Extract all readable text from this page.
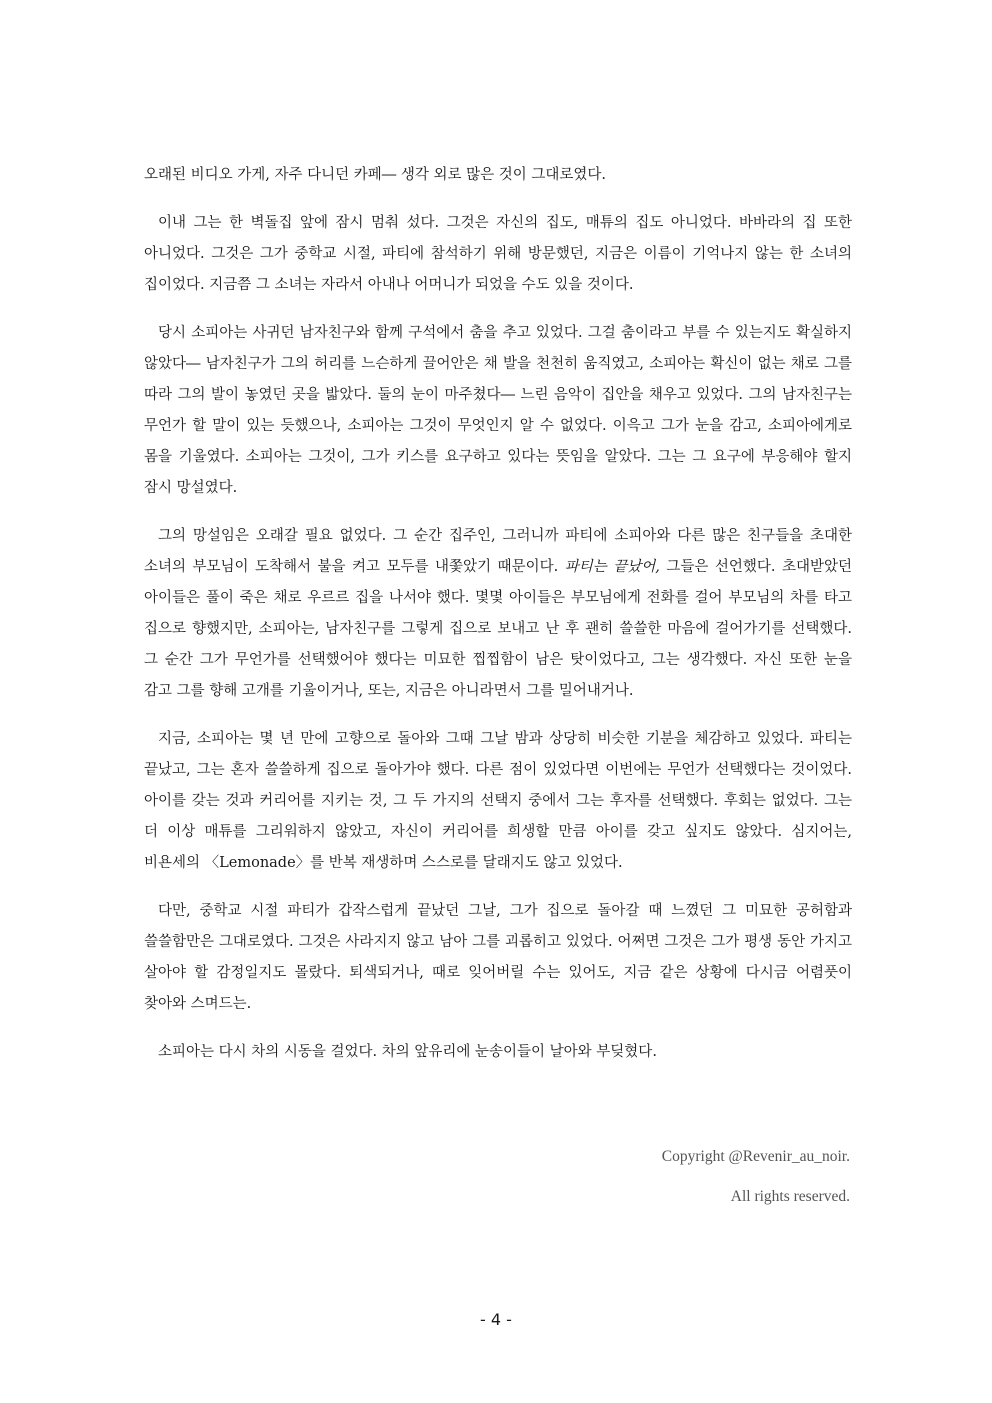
오래된 비디오 가게, 자주 다니던 카페― 생각 외로 많은 것이 그대로였다.

이내 그는 한 벽돌집 앞에 잠시 멈춰 섰다. 그것은 자신의 집도, 매튜의 집도 아니었다. 바바라의 집 또한 아니었다. 그것은 그가 중학교 시절, 파티에 참석하기 위해 방문했던, 지금은 이름이 기억나지 않는 한 소녀의 집이었다. 지금쯤 그 소녀는 자라서 아내나 어머니가 되었을 수도 있을 것이다.

당시 소피아는 사귀던 남자친구와 함께 구석에서 춤을 추고 있었다. 그걸 춤이라고 부를 수 있는지도 확실하지 않았다― 남자친구가 그의 허리를 느슨하게 끌어안은 채 발을 천천히 움직였고, 소피아는 확신이 없는 채로 그를 따라 그의 발이 놓였던 곳을 밟았다. 둘의 눈이 마주쳤다― 느린 음악이 집안을 채우고 있었다. 그의 남자친구는 무언가 할 말이 있는 듯했으나, 소피아는 그것이 무엇인지 알 수 없었다. 이윽고 그가 눈을 감고, 소피아에게로 몸을 기울였다. 소피아는 그것이, 그가 키스를 요구하고 있다는 뜻임을 알았다. 그는 그 요구에 부응해야 할지 잠시 망설였다.

그의 망설임은 오래갈 필요 없었다. 그 순간 집주인, 그러니까 파티에 소피아와 다른 많은 친구들을 초대한 소녀의 부모님이 도착해서 불을 켜고 모두를 내쫓았기 때문이다. 파티는 끝났어, 그들은 선언했다. 초대받았던 아이들은 풀이 죽은 채로 우르르 집을 나서야 했다. 몇몇 아이들은 부모님에게 전화를 걸어 부모님의 차를 타고 집으로 향했지만, 소피아는, 남자친구를 그렇게 집으로 보내고 난 후 괜히 쓸쓸한 마음에 걸어가기를 선택했다. 그 순간 그가 무언가를 선택했어야 했다는 미묘한 찝찝함이 남은 탓이었다고, 그는 생각했다. 자신 또한 눈을 감고 그를 향해 고개를 기울이거나, 또는, 지금은 아니라면서 그를 밀어내거나.

지금, 소피아는 몇 년 만에 고향으로 돌아와 그때 그날 밤과 상당히 비슷한 기분을 체감하고 있었다. 파티는 끝났고, 그는 혼자 쓸쓸하게 집으로 돌아가야 했다. 다른 점이 있었다면 이번에는 무언가 선택했다는 것이었다. 아이를 갖는 것과 커리어를 지키는 것, 그 두 가지의 선택지 중에서 그는 후자를 선택했다. 후회는 없었다. 그는 더 이상 매튜를 그리워하지 않았고, 자신이 커리어를 희생할 만큼 아이를 갖고 싶지도 않았다. 심지어는, 비욘세의 〈Lemonade〉를 반복 재생하며 스스로를 달래지도 않고 있었다.

다만, 중학교 시절 파티가 갑작스럽게 끝났던 그날, 그가 집으로 돌아갈 때 느꼈던 그 미묘한 공허함과 쓸쓸함만은 그대로였다. 그것은 사라지지 않고 남아 그를 괴롭히고 있었다. 어쩌면 그것은 그가 평생 동안 가지고 살아야 할 감정일지도 몰랐다. 퇴색되거나, 때로 잊어버릴 수는 있어도, 지금 같은 상황에 다시금 어렴풋이 찾아와 스며드는.

소피아는 다시 차의 시동을 걸었다. 차의 앞유리에 눈송이들이 날아와 부딪혔다.

Copyright @Revenir_au_noir.
All rights reserved.
- 4 -
